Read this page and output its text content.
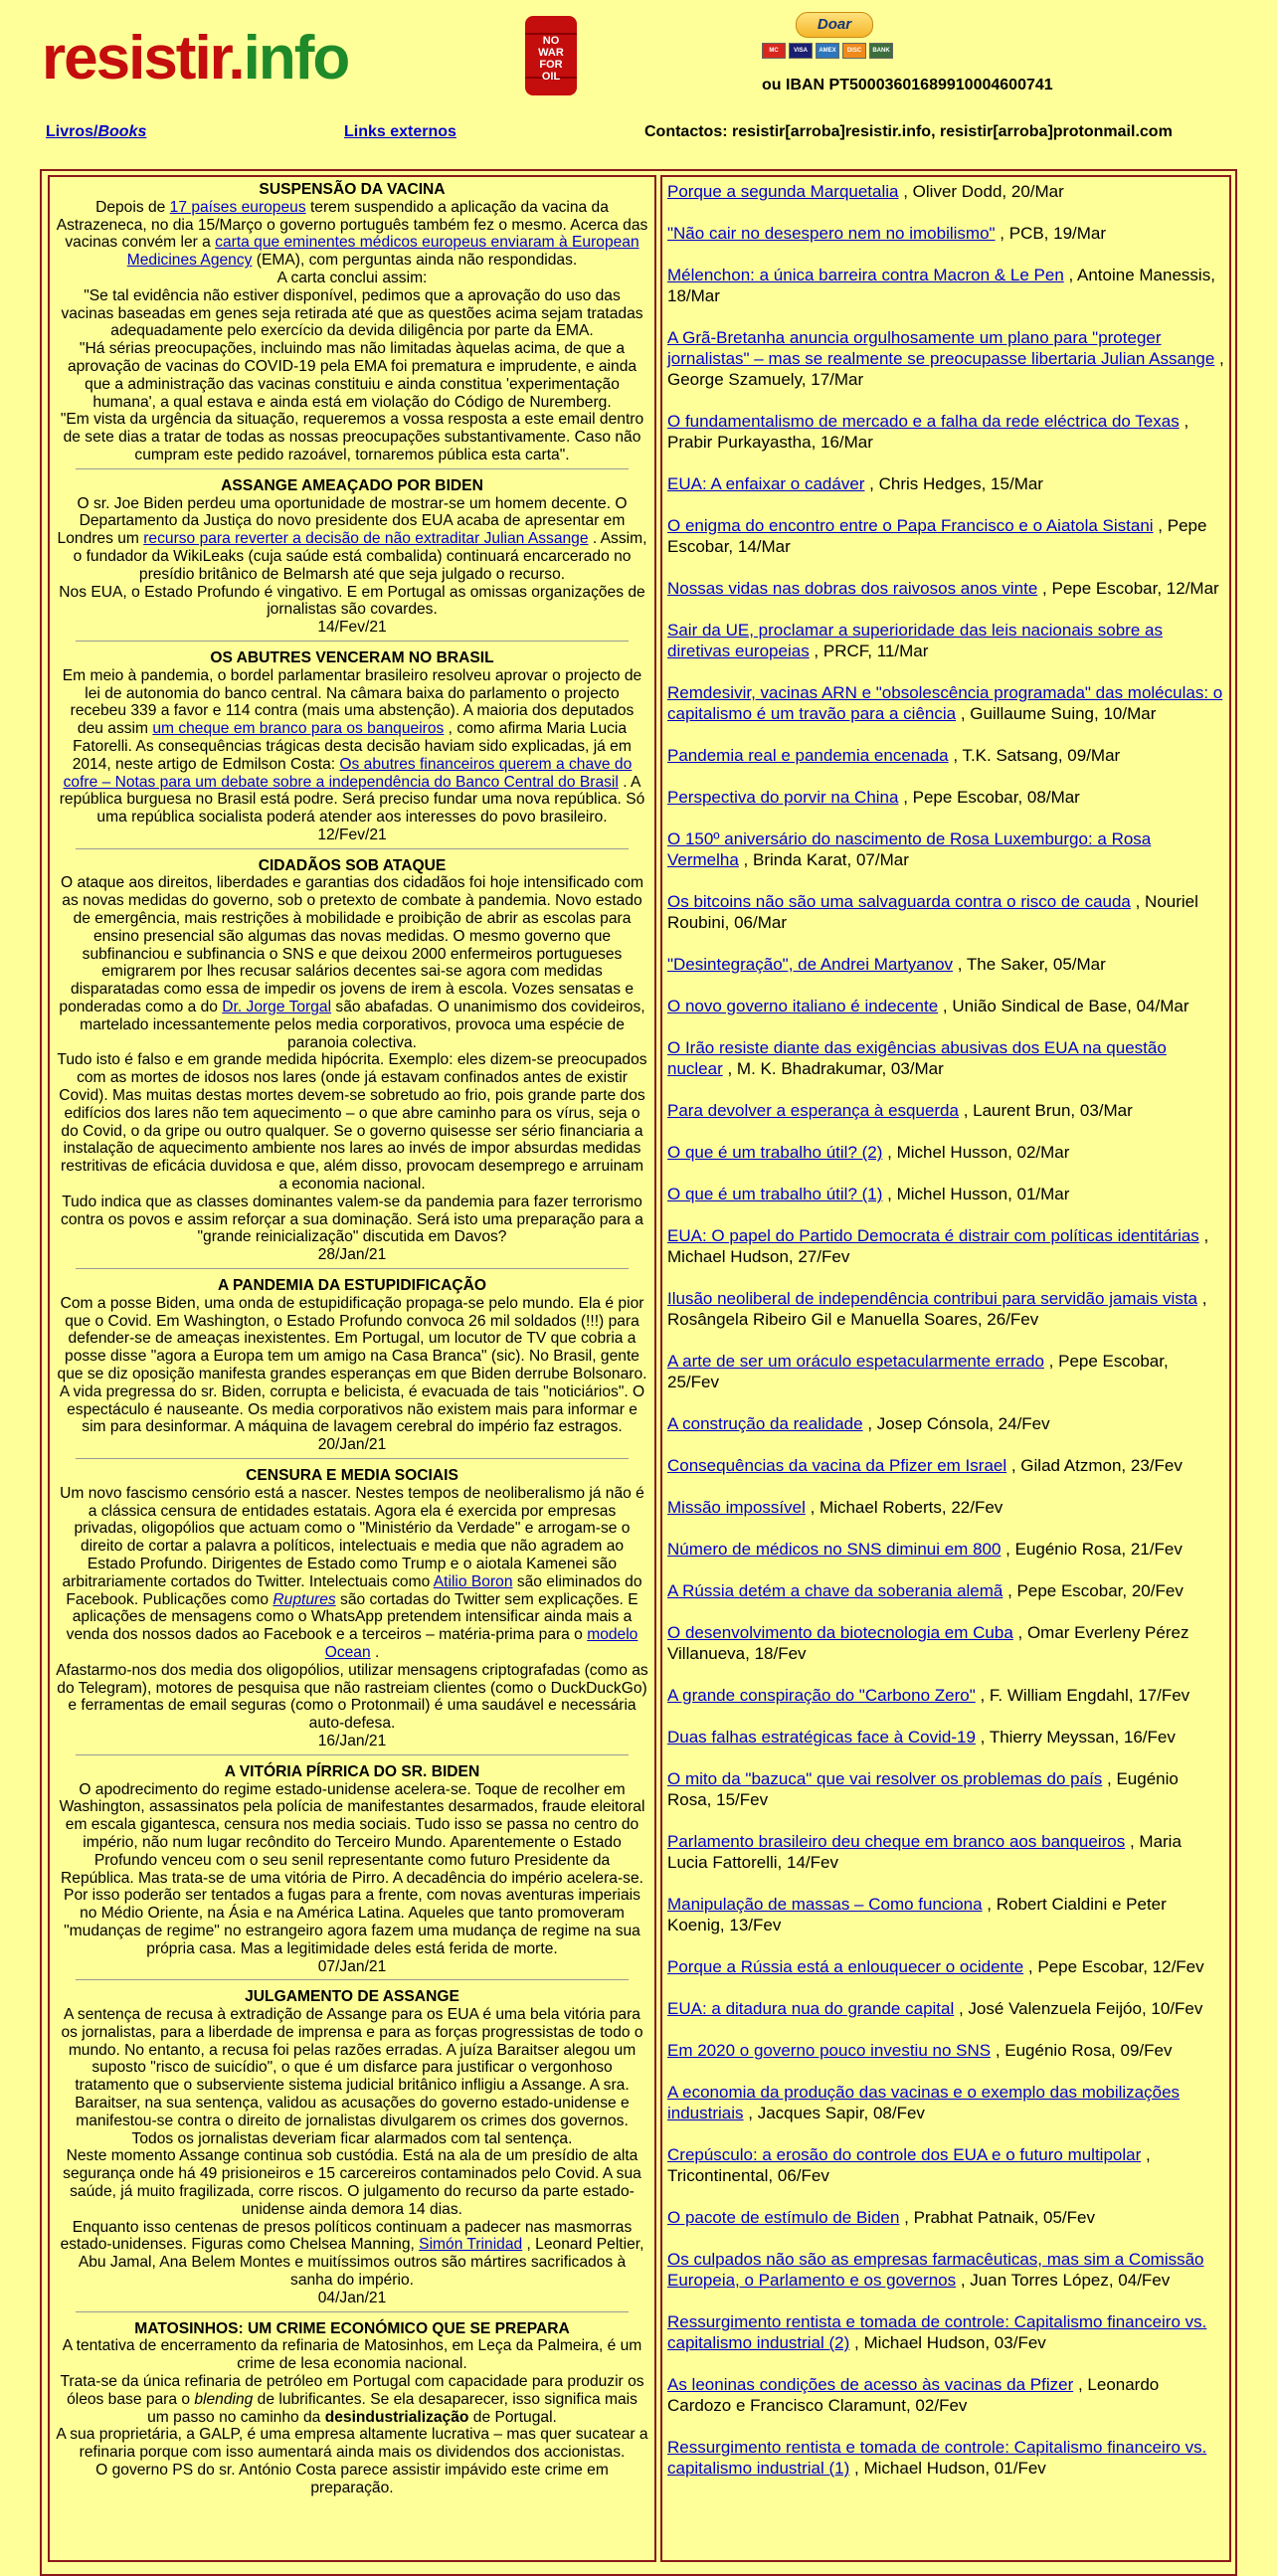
resistir.info	NO WAR FOR OIL
Doar
MC	VISA	AMEX	DISC	BANK
ou IBAN PT50003601689910004600741
Livros/Books	Links externos	Contactos: resistir[arroba]resistir.info, resistir[arroba]protonmail.com
SUSPENSÃO DA VACINA

Depois de 17 países europeus terem suspendido a aplicação da vacina da Astrazeneca, no dia 15/Março o governo português também fez o mesmo. Acerca das vacinas convém ler a carta que eminentes médicos europeus enviaram à European Medicines Agency (EMA), com perguntas ainda não respondidas.
A carta conclui assim:
"Se tal evidência não estiver disponível, pedimos que a aprovação do uso das vacinas baseadas em genes seja retirada até que as questões acima sejam tratadas adequadamente pelo exercício da devida diligência por parte da EMA.
"Há sérias preocupações, incluindo mas não limitadas àquelas acima, de que a aprovação de vacinas do COVID-19 pela EMA foi prematura e imprudente, e ainda que a administração das vacinas constituiu e ainda constitua 'experimentação humana', a qual estava e ainda está em violação do Código de Nuremberg.
"Em vista da urgência da situação, requeremos a vossa resposta a este email dentro de sete dias a tratar de todas as nossas preocupações substantivamente. Caso não cumpram este pedido razoável, tornaremos pública esta carta".

ASSANGE AMEAÇADO POR BIDEN

O sr. Joe Biden perdeu uma oportunidade de mostrar-se um homem decente. O Departamento da Justiça do novo presidente dos EUA acaba de apresentar em Londres um recurso para reverter a decisão de não extraditar Julian Assange . Assim, o fundador da WikiLeaks (cuja saúde está combalida) continuará encarcerado no presídio britânico de Belmarsh até que seja julgado o recurso.
Nos EUA, o Estado Profundo é vingativo. E em Portugal as omissas organizações de jornalistas são covardes.

14/Fev/21

OS ABUTRES VENCERAM NO BRASIL

Em meio à pandemia, o bordel parlamentar brasileiro resolveu aprovar o projecto de lei de autonomia do banco central. Na câmara baixa do parlamento o projecto recebeu 339 a favor e 114 contra (mais uma abstenção). A maioria dos deputados deu assim um cheque em branco para os banqueiros , como afirma Maria Lucia Fatorelli. As consequências trágicas desta decisão haviam sido explicadas, já em 2014, neste artigo de Edmilson Costa: Os abutres financeiros querem a chave do cofre – Notas para um debate sobre a independência do Banco Central do Brasil . A república burguesa no Brasil está podre. Será preciso fundar uma nova república. Só uma república socialista poderá atender aos interesses do povo brasileiro.

12/Fev/21

CIDADÃOS SOB ATAQUE

O ataque aos direitos, liberdades e garantias dos cidadãos foi hoje intensificado com as novas medidas do governo, sob o pretexto de combate à pandemia. Novo estado de emergência, mais restrições à mobilidade e proibição de abrir as escolas para ensino presencial são algumas das novas medidas. O mesmo governo que subfinanciou e subfinancia o SNS e que deixou 2000 enfermeiros portugueses emigrarem por lhes recusar salários decentes sai-se agora com medidas disparatadas como essa de impedir os jovens de irem à escola. Vozes sensatas e ponderadas como a do Dr. Jorge Torgal são abafadas. O unanimismo dos covideiros, martelado incessantemente pelos media corporativos, provoca uma espécie de paranoia colectiva.
Tudo isto é falso e em grande medida hipócrita. Exemplo: eles dizem-se preocupados com as mortes de idosos nos lares (onde já estavam confinados antes de existir Covid). Mas muitas destas mortes devem-se sobretudo ao frio, pois grande parte dos edifícios dos lares não tem aquecimento – o que abre caminho para os vírus, seja o do Covid, o da gripe ou outro qualquer. Se o governo quisesse ser sério financiaria a instalação de aquecimento ambiente nos lares ao invés de impor absurdas medidas restritivas de eficácia duvidosa e que, além disso, provocam desemprego e arruinam a economia nacional.
Tudo indica que as classes dominantes valem-se da pandemia para fazer terrorismo contra os povos e assim reforçar a sua dominação. Será isto uma preparação para a "grande reinicialização" discutida em Davos?

28/Jan/21

A PANDEMIA DA ESTUPIDIFICAÇÃO

Com a posse Biden, uma onda de estupidificação propaga-se pelo mundo. Ela é pior que o Covid. Em Washington, o Estado Profundo convoca 26 mil soldados (!!!) para defender-se de ameaças inexistentes. Em Portugal, um locutor de TV que cobria a posse disse "agora a Europa tem um amigo na Casa Branca" (sic). No Brasil, gente que se diz oposição manifesta grandes esperanças em que Biden derrube Bolsonaro.
A vida pregressa do sr. Biden, corrupta e belicista, é evacuada de tais "noticiários". O espectáculo é nauseante. Os media corporativos não existem mais para informar e sim para desinformar. A máquina de lavagem cerebral do império faz estragos.

20/Jan/21

CENSURA E MEDIA SOCIAIS

Um novo fascismo censório está a nascer. Nestes tempos de neoliberalismo já não é a clássica censura de entidades estatais. Agora ela é exercida por empresas privadas, oligopólios que actuam como o "Ministério da Verdade" e arrogam-se o direito de cortar a palavra a políticos, intelectuais e media que não agradem ao Estado Profundo. Dirigentes de Estado como Trump e o aiotala Kamenei são arbitrariamente cortados do Twitter. Intelectuais como Atilio Boron são eliminados do Facebook. Publicações como Ruptures são cortadas do Twitter sem explicações. E aplicações de mensagens como o WhatsApp pretendem intensificar ainda mais a venda dos nossos dados ao Facebook e a terceiros – matéria-prima para o modelo Ocean .
Afastarmo-nos dos media dos oligopólios, utilizar mensagens criptografadas (como as do Telegram), motores de pesquisa que não rastreiam clientes (como o DuckDuckGo) e ferramentas de email seguras (como o Protonmail) é uma saudável e necessária auto-defesa.

16/Jan/21

A VITÓRIA PÍRRICA DO SR. BIDEN

O apodrecimento do regime estado-unidense acelera-se. Toque de recolher em Washington, assassinatos pela polícia de manifestantes desarmados, fraude eleitoral em escala gigantesca, censura nos media sociais. Tudo isso se passa no centro do império, não num lugar recôndito do Terceiro Mundo. Aparentemente o Estado Profundo venceu com o seu senil representante como futuro Presidente da República. Mas trata-se de uma vitória de Pirro. A decadência do império acelera-se. Por isso poderão ser tentados a fugas para a frente, com novas aventuras imperiais no Médio Oriente, na Ásia e na América Latina. Aqueles que tanto promoveram "mudanças de regime" no estrangeiro agora fazem uma mudança de regime na sua própria casa. Mas a legitimidade deles está ferida de morte.

07/Jan/21

JULGAMENTO DE ASSANGE

A sentença de recusa à extradição de Assange para os EUA é uma bela vitória para os jornalistas, para a liberdade de imprensa e para as forças progressistas de todo o mundo. No entanto, a recusa foi pelas razões erradas. A juíza Baraitser alegou um suposto "risco de suicídio", o que é um disfarce para justificar o vergonhoso tratamento que o subserviente sistema judicial britânico infligiu a Assange. A sra. Baraitser, na sua sentença, validou as acusações do governo estado-unidense e manifestou-se contra o direito de jornalistas divulgarem os crimes dos governos. Todos os jornalistas deveriam ficar alarmados com tal sentença.
Neste momento Assange continua sob custódia. Está na ala de um presídio de alta segurança onde há 49 prisioneiros e 15 carcereiros contaminados pelo Covid. A sua saúde, já muito fragilizada, corre riscos. O julgamento do recurso da parte estado-unidense ainda demora 14 dias.
Enquanto isso centenas de presos políticos continuam a padecer nas masmorras estado-unidenses. Figuras como Chelsea Manning, Simón Trinidad , Leonard Peltier, Abu Jamal, Ana Belem Montes e muitíssimos outros são mártires sacrificados à sanha do império.

04/Jan/21

MATOSINHOS: UM CRIME ECONÓMICO QUE SE PREPARA

A tentativa de encerramento da refinaria de Matosinhos, em Leça da Palmeira, é um crime de lesa economia nacional.
Trata-se da única refinaria de petróleo em Portugal com capacidade para produzir os óleos base para o blending de lubrificantes. Se ela desaparecer, isso significa mais um passo no caminho da desindustrialização de Portugal.
A sua proprietária, a GALP, é uma empresa altamente lucrativa – mas quer sucatear a refinaria porque com isso aumentará ainda mais os dividendos dos accionistas.
O governo PS do sr. António Costa parece assistir impávido este crime em preparação.

Porque a segunda Marquetalia , Oliver Dodd, 20/Mar

"Não cair no desespero nem no imobilismo" , PCB, 19/Mar

Mélenchon: a única barreira contra Macron & Le Pen , Antoine Manessis, 18/Mar

A Grã-Bretanha anuncia orgulhosamente um plano para "proteger jornalistas" – mas se realmente se preocupasse libertaria Julian Assange , George Szamuely, 17/Mar

O fundamentalismo de mercado e a falha da rede eléctrica do Texas , Prabir Purkayastha, 16/Mar

EUA: A enfaixar o cadáver , Chris Hedges, 15/Mar

O enigma do encontro entre o Papa Francisco e o Aiatola Sistani , Pepe Escobar, 14/Mar

Nossas vidas nas dobras dos raivosos anos vinte , Pepe Escobar, 12/Mar

Sair da UE, proclamar a superioridade das leis nacionais sobre as diretivas europeias , PRCF, 11/Mar

Remdesivir, vacinas ARN e "obsolescência programada" das moléculas: o capitalismo é um travão para a ciência , Guillaume Suing, 10/Mar

Pandemia real e pandemia encenada , T.K. Satsang, 09/Mar

Perspectiva do porvir na China , Pepe Escobar, 08/Mar

O 150º aniversário do nascimento de Rosa Luxemburgo: a Rosa Vermelha , Brinda Karat, 07/Mar

Os bitcoins não são uma salvaguarda contra o risco de cauda , Nouriel Roubini, 06/Mar

"Desintegração", de Andrei Martyanov , The Saker, 05/Mar

O novo governo italiano é indecente , União Sindical de Base, 04/Mar

O Irão resiste diante das exigências abusivas dos EUA na questão nuclear , M. K. Bhadrakumar, 03/Mar

Para devolver a esperança à esquerda , Laurent Brun, 03/Mar

O que é um trabalho útil? (2) , Michel Husson, 02/Mar

O que é um trabalho útil? (1) , Michel Husson, 01/Mar

EUA: O papel do Partido Democrata é distrair com políticas identitárias , Michael Hudson, 27/Fev

Ilusão neoliberal de independência contribui para servidão jamais vista , Rosângela Ribeiro Gil e Manuella Soares, 26/Fev

A arte de ser um oráculo espetacularmente errado , Pepe Escobar, 25/Fev

A construção da realidade , Josep Cónsola, 24/Fev

Consequências da vacina da Pfizer em Israel , Gilad Atzmon, 23/Fev

Missão impossível , Michael Roberts, 22/Fev

Número de médicos no SNS diminui em 800 , Eugénio Rosa, 21/Fev

A Rússia detém a chave da soberania alemã , Pepe Escobar, 20/Fev

O desenvolvimento da biotecnologia em Cuba , Omar Everleny Pérez Villanueva, 18/Fev

A grande conspiração do "Carbono Zero" , F. William Engdahl, 17/Fev

Duas falhas estratégicas face à Covid-19 , Thierry Meyssan, 16/Fev

O mito da "bazuca" que vai resolver os problemas do país , Eugénio Rosa, 15/Fev

Parlamento brasileiro deu cheque em branco aos banqueiros , Maria Lucia Fattorelli, 14/Fev

Manipulação de massas – Como funciona , Robert Cialdini e Peter Koenig, 13/Fev

Porque a Rússia está a enlouquecer o ocidente , Pepe Escobar, 12/Fev

EUA: a ditadura nua do grande capital , José Valenzuela Feijóo, 10/Fev

Em 2020 o governo pouco investiu no SNS , Eugénio Rosa, 09/Fev

A economia da produção das vacinas e o exemplo das mobilizações industriais , Jacques Sapir, 08/Fev

Crepúsculo: a erosão do controle dos EUA e o futuro multipolar , Tricontinental, 06/Fev

O pacote de estímulo de Biden , Prabhat Patnaik, 05/Fev

Os culpados não são as empresas farmacêuticas, mas sim a Comissão Europeia, o Parlamento e os governos , Juan Torres López, 04/Fev

Ressurgimento rentista e tomada de controle: Capitalismo financeiro vs. capitalismo industrial (2) , Michael Hudson, 03/Fev

As leoninas condições de acesso às vacinas da Pfizer , Leonardo Cardozo e Francisco Claramunt, 02/Fev

Ressurgimento rentista e tomada de controle: Capitalismo financeiro vs. capitalismo industrial (1) , Michael Hudson, 01/Fev
